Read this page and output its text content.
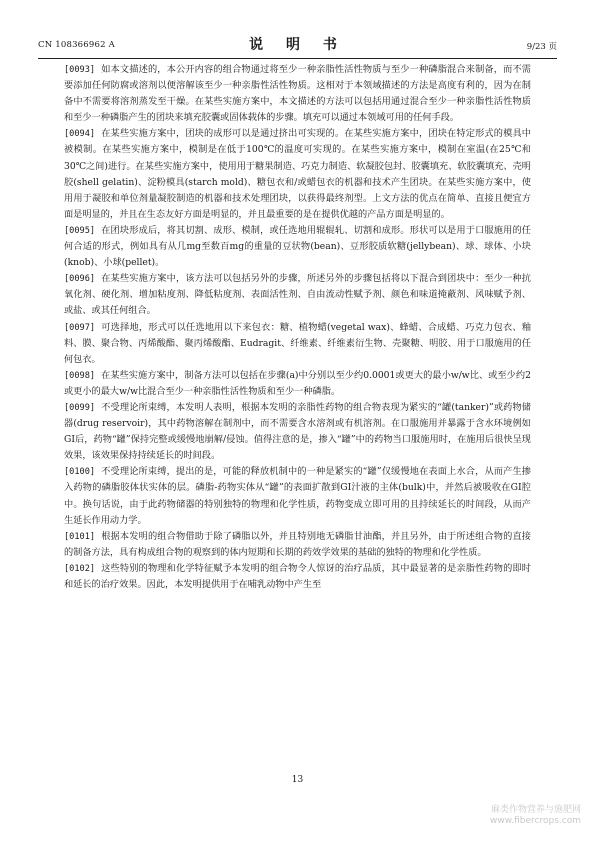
CN 108366962 A	说 明 书	9/23 页

[0093] 如本文描述的，本公开内容的组合物通过将至少一种亲脂性活性物质与至少一种磷脂混合来制备，而不需要添加任何防腐或溶剂以便溶解该至少一种亲脂性活性物质。这相对于本领域描述的方法是高度有利的，因为在制备中不需要将溶剂蒸发至干燥。在某些实施方案中，本文描述的方法可以包括用通过混合至少一种亲脂性活性物质和至少一种磷脂产生的团块来填充胶囊或固体载体的步骤。填充可以通过本领域可用的任何手段。

[0094] 在某些实施方案中，团块的成形可以是通过挤出可实现的。在某些实施方案中，团块在特定形式的模具中被模制。在某些实施方案中，模制是在低于100℃的温度可实现的。在某些实施方案中，模制在室温(在25℃和30℃之间)进行。在某些实施方案中，使用用于糖果制造、巧克力制造、软凝胶包封、胶囊填充、软胶囊填充、壳明胶(shell gelatin)、淀粉模具(starch mold)、糖包衣和/或蜡包衣的机器和技术产生团块。在某些实施方案中，使用用于凝胶和单位剂量凝胶制造的机器和技术处理团块，以获得最终剂型。上文方法的优点在简单、直接且便宜方面是明显的，并且在生态友好方面是明显的，并且最重要的是在提供优越的产品方面是明显的。

[0095] 在团块形成后，将其切割、成形、模制，或任选地用辊辊轧、切割和成形。形状可以是用于口服施用的任何合适的形式，例如具有从几mg至数百mg的重量的豆状物(bean)、豆形胶质软糖(jellybean)、球、球体、小块(knob)、小球(pellet)。

[0096] 在某些实施方案中，该方法可以包括另外的步骤，所述另外的步骤包括将以下混合到团块中：至少一种抗氧化剂、硬化剂、增加粘度剂、降低粘度剂、表面活性剂、自由流动性赋予剂、颜色和味道掩蔽剂、风味赋予剂、或盐、或其任何组合。

[0097] 可选择地，形式可以任选地用以下来包衣：糖、植物蜡(vegetal wax)、蜂蜡、合成蜡、巧克力包衣、釉料、膜、聚合物、丙烯酸酯、聚丙烯酸酯、Eudragit、纤维素、纤维素衍生物、壳聚糖、明胶、用于口服施用的任何包衣。

[0098] 在某些实施方案中，制备方法可以包括在步骤(a)中分别以至少约0.0001或更大的最小w/w比、或至少约2或更小的最大w/w比混合至少一种亲脂性活性物质和至少一种磷脂。

[0099] 不受理论所束缚，本发明人表明，根据本发明的亲脂性药物的组合物表现为紧实的“罐(tanker)”或药物储器(drug reservoir)，其中药物溶解在制剂中，而不需要含水溶剂或有机溶剂。在口服施用并暴露于含水环境例如GI后，药物“罐”保持完整或缓慢地崩解/侵蚀。值得注意的是，掺入“罐”中的药物当口服施用时，在施用后很快呈现效果，该效果保持持续延长的时间段。

[0100] 不受理论所束缚，提出的是，可能的释放机制中的一种是紧实的“罐”仅缓慢地在表面上水合，从而产生掺入药物的磷脂胶体状实体的层。磷脂-药物实体从“罐”的表面扩散到GI汁液的主体(bulk)中，并然后被吸收在GI腔中。换句话说，由于此药物储器的特别独特的物理和化学性质，药物变成立即可用的且持续延长的时间段，从而产生延长作用动力学。

[0101] 根据本发明的组合物借助于除了磷脂以外，并且特别地无磷脂甘油酯，并且另外，由于所述组合物的直接的制备方法，具有构成组合物的观察到的体内短期和长期的药效学效果的基础的独特的物理和化学性质。

[0102] 这些特别的物理和化学特征赋予本发明的组合物令人惊讶的治疗品质，其中最显著的是亲脂性药物的即时和延长的治疗效果。因此，本发明提供用于在哺乳动物中产生至

13
麻类作物营养与施肥网
www.fibercrops.com
